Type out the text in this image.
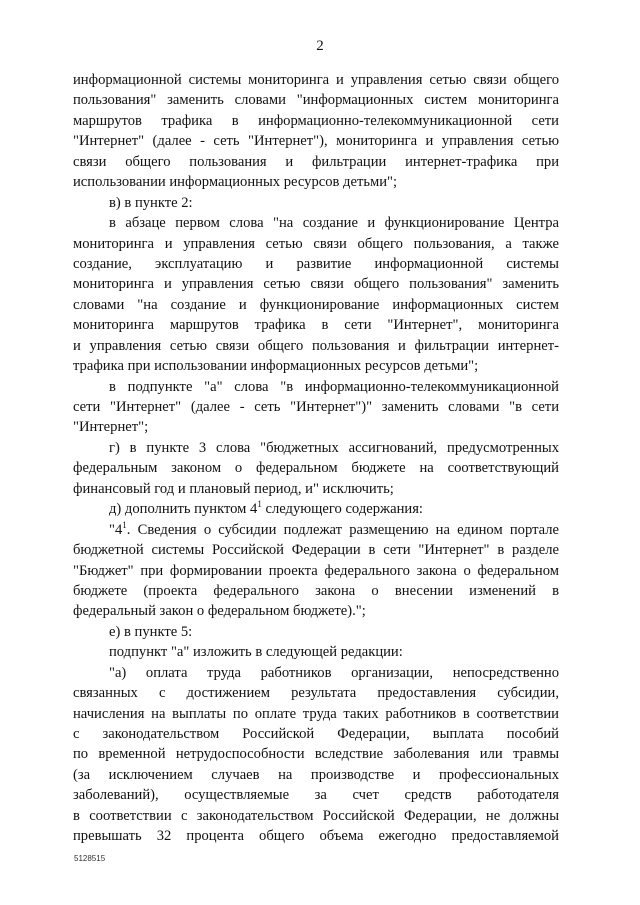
2
информационной системы мониторинга и управления сетью связи общего
пользования" заменить словами "информационных систем мониторинга
маршрутов трафика в информационно-телекоммуникационной сети
"Интернет" (далее - сеть "Интернет"), мониторинга и управления сетью
связи общего пользования и фильтрации интернет-трафика при
использовании информационных ресурсов детьми";
в) в пункте 2:
в абзаце первом слова "на создание и функционирование Центра
мониторинга и управления сетью связи общего пользования, а также
создание, эксплуатацию и развитие информационной системы
мониторинга и управления сетью связи общего пользования" заменить
словами "на создание и функционирование информационных систем
мониторинга маршрутов трафика в сети "Интернет", мониторинга
и управления сетью связи общего пользования и фильтрации интернет-
трафика при использовании информационных ресурсов детьми";
в подпункте "а" слова "в информационно-телекоммуникационной
сети "Интернет" (далее - сеть "Интернет")" заменить словами "в сети
"Интернет";
г) в пункте 3 слова "бюджетных ассигнований, предусмотренных
федеральным законом о федеральном бюджете на соответствующий
финансовый год и плановый период, и" исключить;
д) дополнить пунктом $4^1$ следующего содержания:
"$4^1$. Сведения о субсидии подлежат размещению на едином портале
бюджетной системы Российской Федерации в сети "Интернет" в разделе
"Бюджет" при формировании проекта федерального закона о федеральном
бюджете (проекта федерального закона о внесении изменений в
федеральный закон о федеральном бюджете).";
е) в пункте 5:
подпункт "а" изложить в следующей редакции:
"а) оплата труда работников организации, непосредственно
связанных с достижением результата предоставления субсидии,
начисления на выплаты по оплате труда таких работников в соответствии
с законодательством Российской Федерации, выплата пособий
по временной нетрудоспособности вследствие заболевания или травмы
(за исключением случаев на производстве и профессиональных
заболеваний), осуществляемые за счет средств работодателя
в соответствии с законодательством Российской Федерации, не должны
превышать 32 процента общего объема ежегодно предоставляемой
5128515
